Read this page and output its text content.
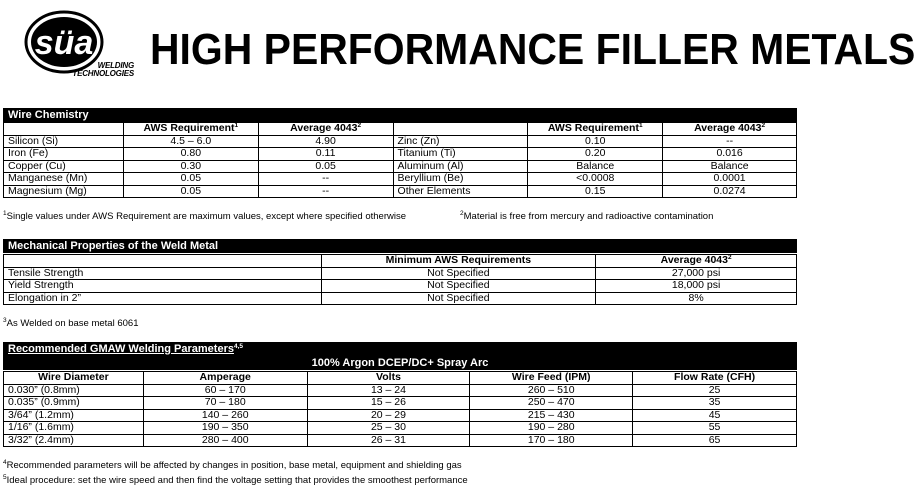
süa
WELDING
TECHNOLOGIES HIGH PERFORMANCE FILLER METALS
Wire Chemistry
	AWS Requirement$^1$	Average 4043$^2$		AWS Requirement$^1$	Average 4043$^2$
Silicon (Si)	4.5 – 6.0	4.90	Zinc (Zn)	0.10	--
Iron (Fe)	0.80	0.11	Titanium (Ti)	0.20	0.016
Copper (Cu)	0.30	0.05	Aluminum (Al)	Balance	Balance
Manganese (Mn)	0.05	--	Beryllium (Be)	<0.0008	0.0001
Magnesium (Mg)	0.05	--	Other Elements	0.15	0.0274
$^1$Single values under AWS Requirement are maximum values, except where specified otherwise	$^2$Material is free from mercury and radioactive contamination
Mechanical Properties of the Weld Metal
	Minimum AWS Requirements	Average 4043$^2$
Tensile Strength	Not Specified	27,000 psi
Yield Strength	Not Specified	18,000 psi
Elongation in 2”	Not Specified	8%
$^3$As Welded on base metal 6061
Recommended GMAW Welding Parameters$^{4,5}$
100% Argon DCEP/DC+ Spray Arc
Wire Diameter	Amperage	Volts	Wire Feed (IPM)	Flow Rate (CFH)
0.030” (0.8mm)	60 – 170	13 – 24	260 – 510	25
0.035” (0.9mm)	70 – 180	15 – 26	250 – 470	35
3/64” (1.2mm)	140 – 260	20 – 29	215 – 430	45
1/16” (1.6mm)	190 – 350	25 – 30	190 – 280	55
3/32” (2.4mm)	280 – 400	26 – 31	170 – 180	65
$^4$Recommended parameters will be affected by changes in position, base metal, equipment and shielding gas
$^5$Ideal procedure: set the wire speed and then find the voltage setting that provides the smoothest performance
